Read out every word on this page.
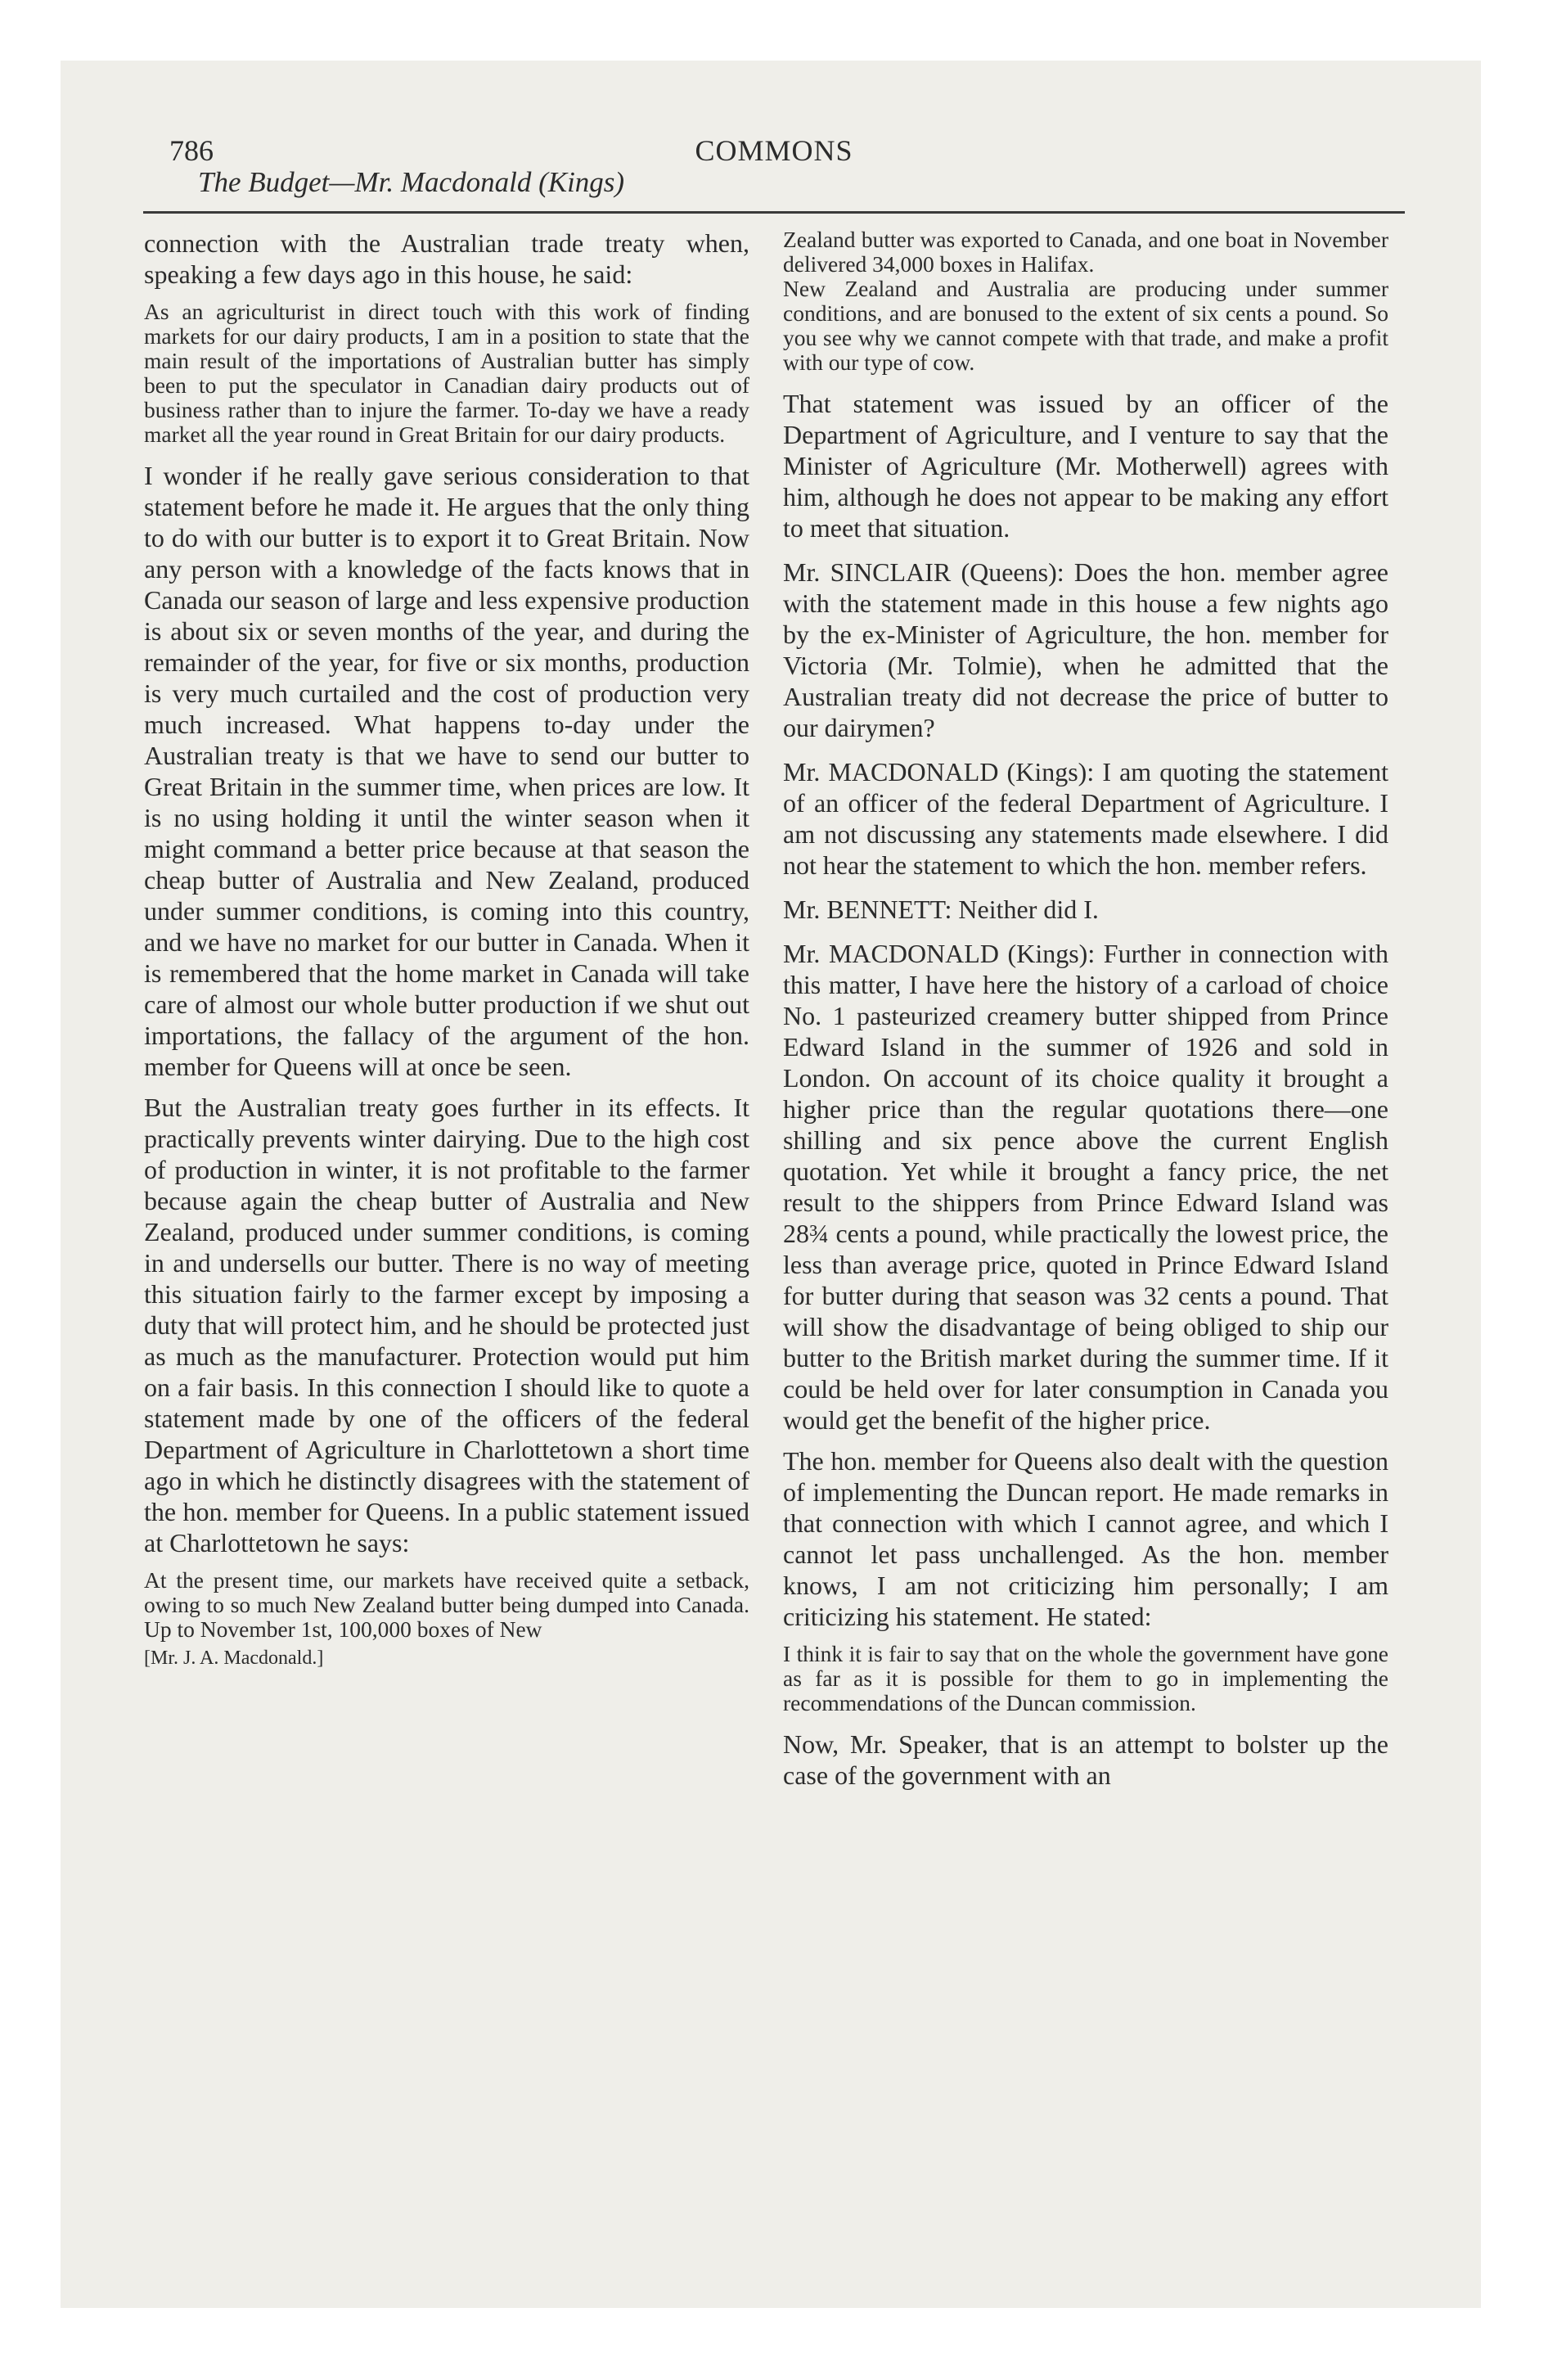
786	COMMONS
The Budget—Mr. Macdonald (Kings)

connection with the Australian trade treaty when, speaking a few days ago in this house, he said:

As an agriculturist in direct touch with this work of finding markets for our dairy products, I am in a position to state that the main result of the importations of Australian butter has simply been to put the speculator in Canadian dairy products out of business rather than to injure the farmer. To-day we have a ready market all the year round in Great Britain for our dairy products.

I wonder if he really gave serious consideration to that statement before he made it. He argues that the only thing to do with our butter is to export it to Great Britain. Now any person with a knowledge of the facts knows that in Canada our season of large and less expensive production is about six or seven months of the year, and during the remainder of the year, for five or six months, production is very much curtailed and the cost of production very much increased. What happens to-day under the Australian treaty is that we have to send our butter to Great Britain in the summer time, when prices are low. It is no using holding it until the winter season when it might command a better price because at that season the cheap butter of Australia and New Zealand, produced under summer conditions, is coming into this country, and we have no market for our butter in Canada. When it is remembered that the home market in Canada will take care of almost our whole butter production if we shut out importations, the fallacy of the argument of the hon. member for Queens will at once be seen.

But the Australian treaty goes further in its effects. It practically prevents winter dairying. Due to the high cost of production in winter, it is not profitable to the farmer because again the cheap butter of Australia and New Zealand, produced under summer conditions, is coming in and undersells our butter. There is no way of meeting this situation fairly to the farmer except by imposing a duty that will protect him, and he should be protected just as much as the manufacturer. Protection would put him on a fair basis. In this connection I should like to quote a statement made by one of the officers of the federal Department of Agriculture in Charlottetown a short time ago in which he distinctly disagrees with the statement of the hon. member for Queens. In a public statement issued at Charlottetown he says:

At the present time, our markets have received quite a setback, owing to so much New Zealand butter being dumped into Canada. Up to November 1st, 100,000 boxes of New

[Mr. J. A. Macdonald.]

Zealand butter was exported to Canada, and one boat in November delivered 34,000 boxes in Halifax.

New Zealand and Australia are producing under summer conditions, and are bonused to the extent of six cents a pound. So you see why we cannot compete with that trade, and make a profit with our type of cow.

That statement was issued by an officer of the Department of Agriculture, and I venture to say that the Minister of Agriculture (Mr. Motherwell) agrees with him, although he does not appear to be making any effort to meet that situation.

Mr. SINCLAIR (Queens): Does the hon. member agree with the statement made in this house a few nights ago by the ex-Minister of Agriculture, the hon. member for Victoria (Mr. Tolmie), when he admitted that the Australian treaty did not decrease the price of butter to our dairymen?

Mr. MACDONALD (Kings): I am quoting the statement of an officer of the federal Department of Agriculture. I am not discussing any statements made elsewhere. I did not hear the statement to which the hon. member refers.

Mr. BENNETT: Neither did I.

Mr. MACDONALD (Kings): Further in connection with this matter, I have here the history of a carload of choice No. 1 pasteurized creamery butter shipped from Prince Edward Island in the summer of 1926 and sold in London. On account of its choice quality it brought a higher price than the regular quotations there—one shilling and six pence above the current English quotation. Yet while it brought a fancy price, the net result to the shippers from Prince Edward Island was 28¾ cents a pound, while practically the lowest price, the less than average price, quoted in Prince Edward Island for butter during that season was 32 cents a pound. That will show the disadvantage of being obliged to ship our butter to the British market during the summer time. If it could be held over for later consumption in Canada you would get the benefit of the higher price.

The hon. member for Queens also dealt with the question of implementing the Duncan report. He made remarks in that connection with which I cannot agree, and which I cannot let pass unchallenged. As the hon. member knows, I am not criticizing him personally; I am criticizing his statement. He stated:

I think it is fair to say that on the whole the government have gone as far as it is possible for them to go in implementing the recommendations of the Duncan commission.

Now, Mr. Speaker, that is an attempt to bolster up the case of the government with an
